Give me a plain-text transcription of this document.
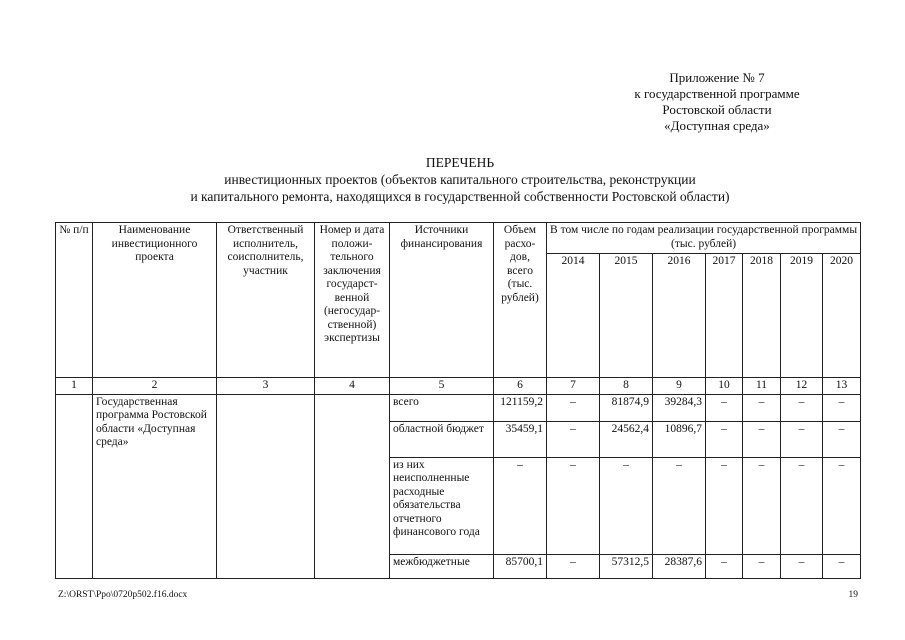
Приложение № 7
к государственной программе
Ростовской области
«Доступная среда»
ПЕРЕЧЕНЬ
инвестиционных проектов (объектов капитального строительства, реконструкции
и капитального ремонта, находящихся в государственной собственности Ростовской области)
№ п/п	Наименование инвестиционного проекта	Ответственный исполнитель, соисполнитель, участник	Номер и дата положи-тельного заключения государст-венной (негосудар-ственной) экспертизы	Источники финансирования	Объем расхо-дов, всего (тыс. рублей)	В том числе по годам реализации государственной программы (тыс. рублей)						
						2014	2015	2016	2017	2018	2019	2020
1	2	3	4	5	6	7	8	9	10	11	12	13
	Государственная программа Ростовской области «Доступная среда»			всего	121159,2	–	81874,9	39284,3	–	–	–	–
				областной бюджет	35459,1	–	24562,4	10896,7	–	–	–	–
				из них неисполненные расходные обязательства отчетного финансового года	–	–	–	–	–	–	–	–
				межбюджетные	85700,1	–	57312,5	28387,6	–	–	–	–
Z:\ORST\Ppo\0720p502.f16.docx	19
